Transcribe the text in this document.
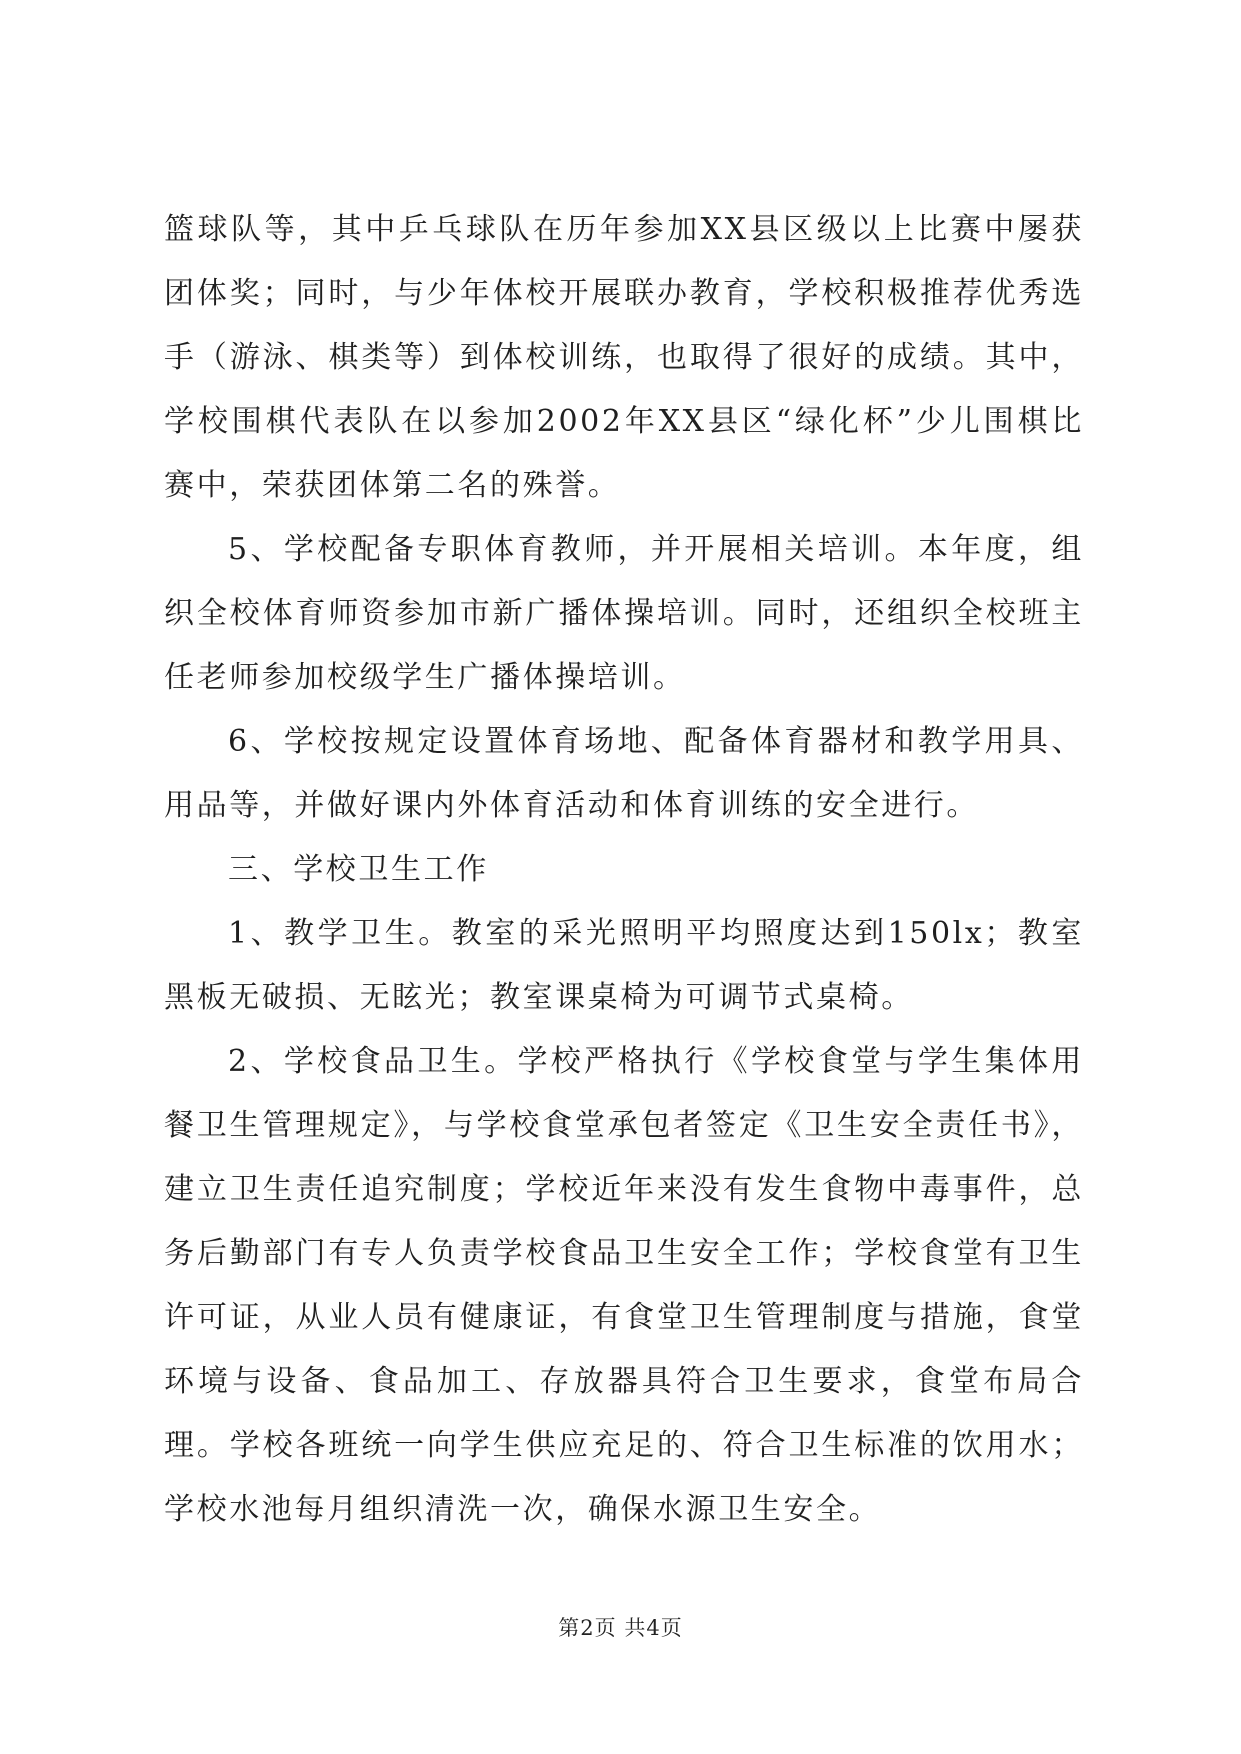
篮球队等，其中乒乓球队在历年参加XX县区级以上比赛中屡获团体奖；同时，与少年体校开展联办教育，学校积极推荐优秀选手（游泳、棋类等）到体校训练，也取得了很好的成绩。其中，学校围棋代表队在以参加2002年XX县区“绿化杯”少儿围棋比赛中，荣获团体第二名的殊誉。

5、学校配备专职体育教师，并开展相关培训。本年度，组织全校体育师资参加市新广播体操培训。同时，还组织全校班主任老师参加校级学生广播体操培训。

6、学校按规定设置体育场地、配备体育器材和教学用具、用品等，并做好课内外体育活动和体育训练的安全进行。

三、学校卫生工作

1、教学卫生。教室的采光照明平均照度达到150lx；教室黑板无破损、无眩光；教室课桌椅为可调节式桌椅。

2、学校食品卫生。学校严格执行《学校食堂与学生集体用餐卫生管理规定》，与学校食堂承包者签定《卫生安全责任书》，建立卫生责任追究制度；学校近年来没有发生食物中毒事件，总务后勤部门有专人负责学校食品卫生安全工作；学校食堂有卫生许可证，从业人员有健康证，有食堂卫生管理制度与措施，食堂环境与设备、食品加工、存放器具符合卫生要求，食堂布局合理。学校各班统一向学生供应充足的、符合卫生标准的饮用水；学校水池每月组织清洗一次，确保水源卫生安全。

第2页 共4页
